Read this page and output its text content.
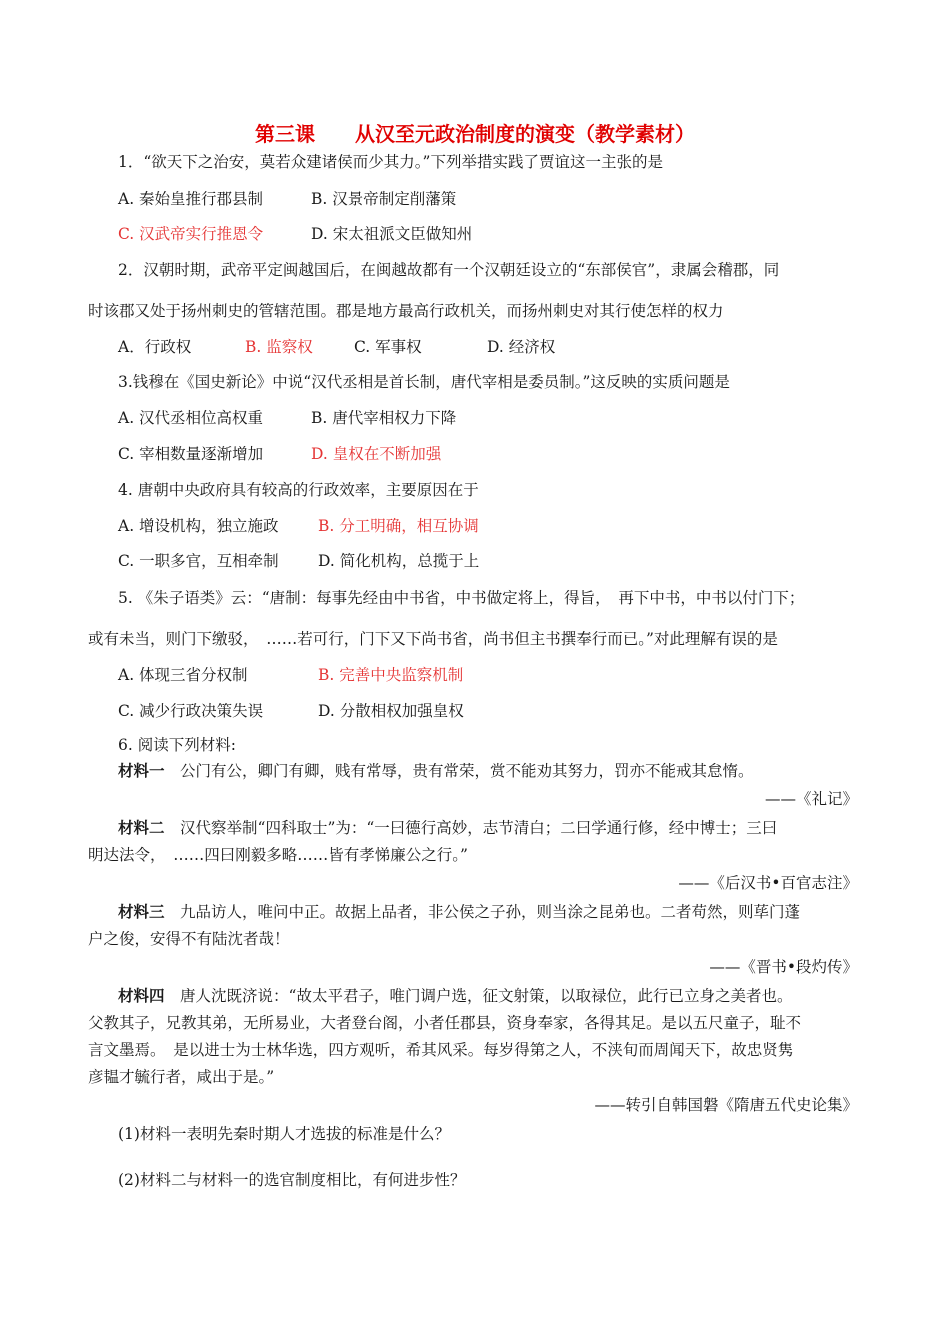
第三课　　从汉至元政治制度的演变（教学素材）
1．“欲天下之治安，莫若众建诸侯而少其力。”下列举措实践了贾谊这一主张的是
A. 秦始皇推行郡县制	B. 汉景帝制定削藩策
C. 汉武帝实行推恩令	D. 宋太祖派文臣做知州
2．汉朝时期，武帝平定闽越国后，在闽越故都有一个汉朝廷设立的“东部侯官”，隶属会稽郡，同
时该郡又处于扬州刺史的管辖范围。郡是地方最高行政机关，而扬州刺史对其行使怎样的权力
A．行政权	B. 监察权	C. 军事权	D. 经济权
3.钱穆在《国史新论》中说“汉代丞相是首长制，唐代宰相是委员制。”这反映的实质问题是
A. 汉代丞相位高权重	B. 唐代宰相权力下降
C. 宰相数量逐渐增加	D. 皇权在不断加强
4. 唐朝中央政府具有较高的行政效率，主要原因在于
A. 增设机构，独立施政	B. 分工明确，相互协调
C. 一职多官，互相牵制	D. 简化机构，总揽于上
5. 《朱子语类》云：“唐制：每事先经由中书省，中书做定将上，得旨，　再下中书，中书以付门下；
或有未当，则门下缴驳，　……若可行，门下又下尚书省，尚书但主书撰奉行而已。”对此理解有误的是
A. 体现三省分权制	B. 完善中央监察机制
C. 减少行政决策失误	D. 分散相权加强皇权
6. 阅读下列材料:
材料一　公门有公，卿门有卿，贱有常辱，贵有常荣，赏不能劝其努力，罚亦不能戒其怠惰。
——《礼记》
材料二　汉代察举制“四科取士”为：“一曰德行高妙，志节清白；二曰学通行修，经中博士；三曰
明达法令，　……四曰刚毅多略……皆有孝悌廉公之行。”
——《后汉书•百官志注》
材料三　九品访人，唯问中正。故据上品者，非公侯之子孙，则当涂之昆弟也。二者苟然，则荜门蓬
户之俊，安得不有陆沈者哉！
——《晋书•段灼传》
材料四　唐人沈既济说：“故太平君子，唯门调户选，征文射策，以取禄位，此行已立身之美者也。
父教其子，兄教其弟，无所易业，大者登台阁，小者任郡县，资身奉家，各得其足。是以五尺童子，耻不
言文墨焉。　是以进士为士林华选，四方观听，希其风采。每岁得第之人，不浃旬而周闻天下，故忠贤隽
彦韫才毓行者，咸出于是。”
——转引自韩国磐《隋唐五代史论集》
(1)材料一表明先秦时期人才选拔的标准是什么？
(2)材料二与材料一的选官制度相比，有何进步性？
